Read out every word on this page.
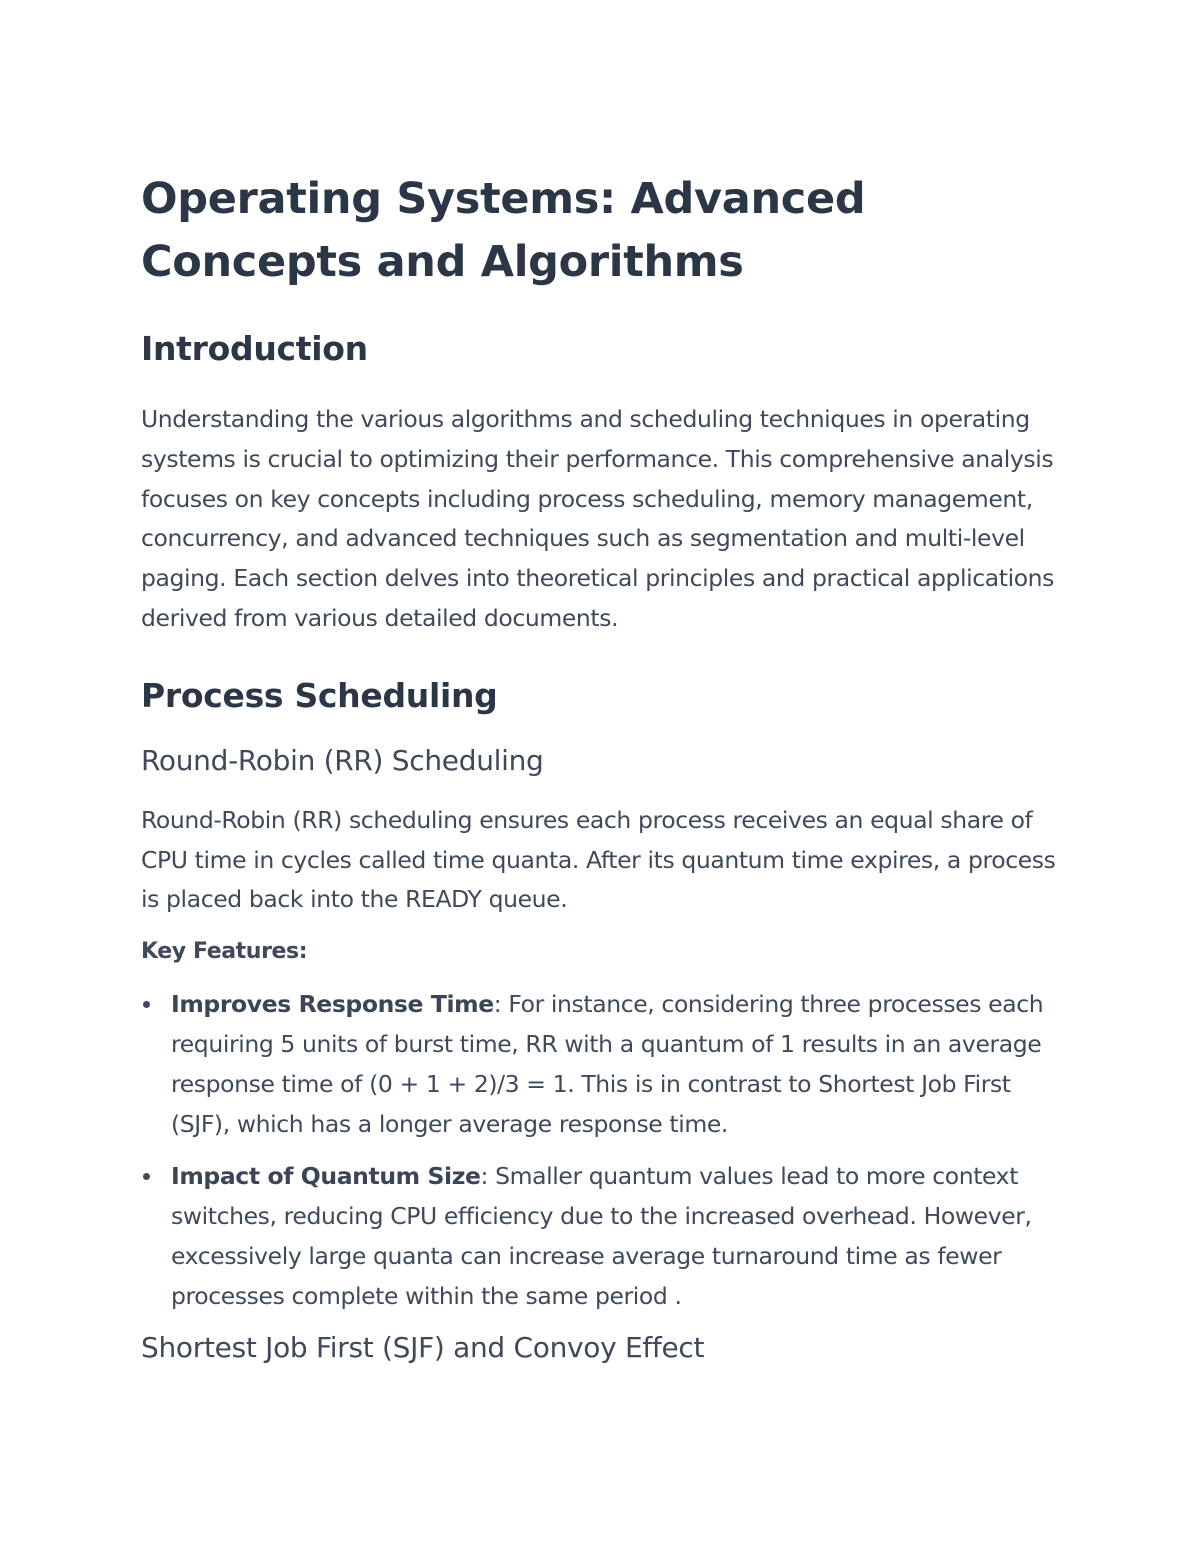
Operating Systems: Advanced Concepts and Algorithms
Introduction

Understanding the various algorithms and scheduling techniques in operating systems is crucial to optimizing their performance. This comprehensive analysis focuses on key concepts including process scheduling, memory management, concurrency, and advanced techniques such as segmentation and multi-level paging. Each section delves into theoretical principles and practical applications derived from various detailed documents.

Process Scheduling
Round-Robin (RR) Scheduling

Round-Robin (RR) scheduling ensures each process receives an equal share of CPU time in cycles called time quanta. After its quantum time expires, a process is placed back into the READY queue.

Key Features:

Improves Response Time: For instance, considering three processes each requiring 5 units of burst time, RR with a quantum of 1 results in an average response time of (0 + 1 + 2)/3 = 1. This is in contrast to Shortest Job First (SJF), which has a longer average response time.
Impact of Quantum Size: Smaller quantum values lead to more context switches, reducing CPU efficiency due to the increased overhead. However, excessively large quanta can increase average turnaround time as fewer processes complete within the same period .
Shortest Job First (SJF) and Convoy Effect
